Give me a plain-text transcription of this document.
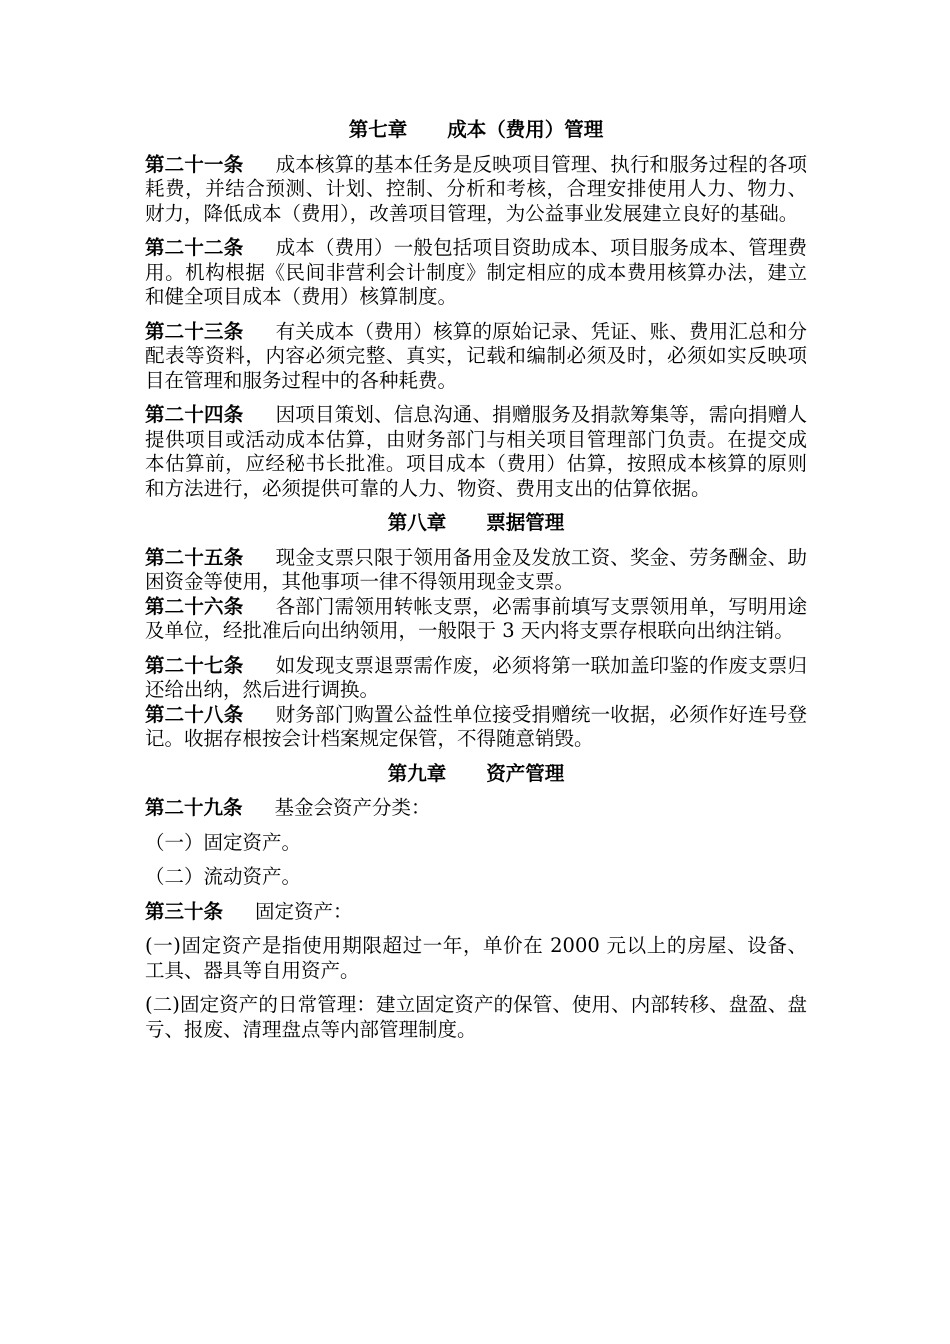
第七章 成本（费用）管理

第二十一条 成本核算的基本任务是反映项目管理、执行和服务过程的各项耗费，并结合预测、计划、控制、分析和考核，合理安排使用人力、物力、财力，降低成本（费用），改善项目管理，为公益事业发展建立良好的基础。

第二十二条 成本（费用）一般包括项目资助成本、项目服务成本、管理费用。机构根据《民间非营利会计制度》制定相应的成本费用核算办法，建立和健全项目成本（费用）核算制度。

第二十三条 有关成本（费用）核算的原始记录、凭证、账、费用汇总和分配表等资料，内容必须完整、真实，记载和编制必须及时，必须如实反映项目在管理和服务过程中的各种耗费。

第二十四条 因项目策划、信息沟通、捐赠服务及捐款筹集等，需向捐赠人提供项目或活动成本估算，由财务部门与相关项目管理部门负责。在提交成本估算前，应经秘书长批准。项目成本（费用）估算，按照成本核算的原则和方法进行，必须提供可靠的人力、物资、费用支出的估算依据。

第八章 票据管理

第二十五条 现金支票只限于领用备用金及发放工资、奖金、劳务酬金、助困资金等使用，其他事项一律不得领用现金支票。

第二十六条 各部门需领用转帐支票，必需事前填写支票领用单，写明用途及单位，经批准后向出纳领用，一般限于 3 天内将支票存根联向出纳注销。

第二十七条 如发现支票退票需作废，必须将第一联加盖印鉴的作废支票归还给出纳，然后进行调换。

第二十八条 财务部门购置公益性单位接受捐赠统一收据，必须作好连号登记。收据存根按会计档案规定保管，不得随意销毁。

第九章 资产管理

第二十九条 基金会资产分类：

（一）固定资产。

（二）流动资产。

第三十条 固定资产：

(一)固定资产是指使用期限超过一年，单价在 2000 元以上的房屋、设备、工具、器具等自用资产。

(二)固定资产的日常管理：建立固定资产的保管、使用、内部转移、盘盈、盘亏、报废、清理盘点等内部管理制度。
